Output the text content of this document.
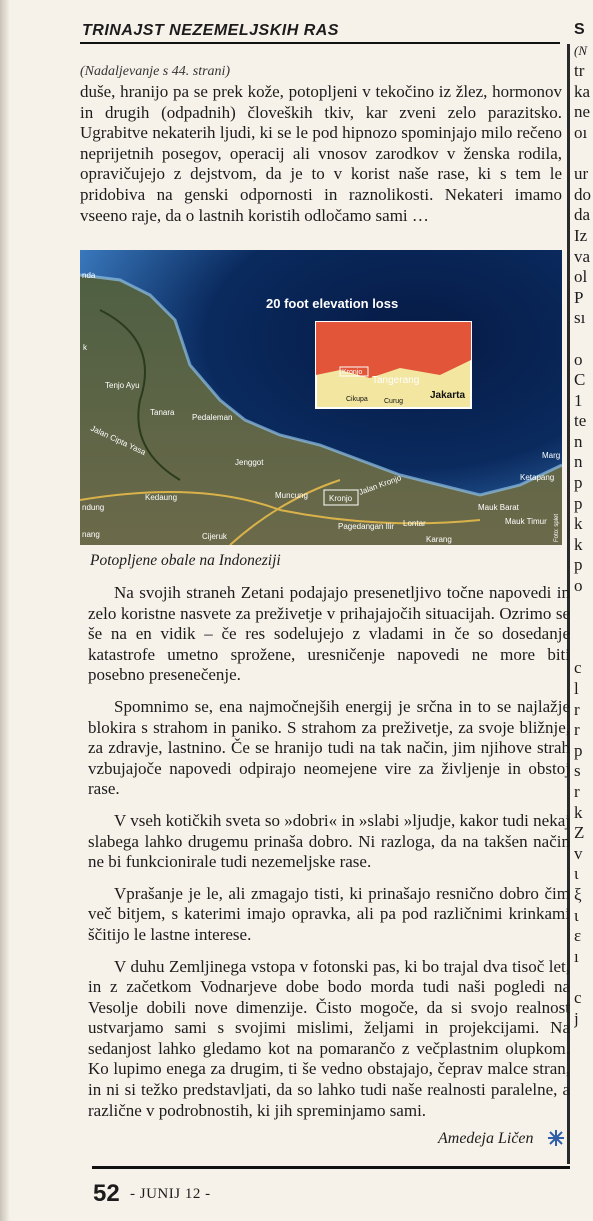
TRINAJST NEZEMELJSKIH RAS
(Nadaljevanje s 44. strani)

duše, hranijo pa se prek kože, potopljeni v tekočino iz žlez, hormonov in drugih (odpadnih) človeških tkiv, kar zveni zelo parazitsko. Ugrabitve nekaterih ljudi, ki se le pod hipnozo spominjajo milo rečeno neprijetnih posegov, operacij ali vnosov zarodkov v ženska rodila, opravičujejo z dejstvom, da je to v korist naše rase, ki s tem le pridobiva na genski odpornosti in raznolikosti. Nekateri imamo vseeno raje, da o lastnih koristih odločamo sami …

20 foot elevation loss
Kronjo
Tangerang
Jakarta
Cikupa Curug
nda
k
Tenjo Ayu
Tanara
Pedaleman
Jenggot
Kedaung	Muncung	Kronjo
Pagedangan Ilir Lontar
Mauk Barat
Mauk Timur
Karang
Cijeruk
Ketapang
Marg
ndung
nang
Jalan Cipta Yasa
Jalan Kronjo
Foto: splet
Potopljene obale na Indoneziji

Na svojih straneh Zetani podajajo presenetljivo točne napovedi in zelo koristne nasvete za preživetje v prihajajočih situacijah. Ozrimo se še na en vidik – če res sodelujejo z vladami in če so dosedanje katastrofe umetno sprožene, uresničenje napovedi ne more biti posebno presenečenje.

Spomnimo se, ena najmočnejših energij je srčna in to se najlažje blokira s strahom in paniko. S strahom za preživetje, za svoje bližnje, za zdravje, lastnino. Če se hranijo tudi na tak način, jim njihove strah vzbujajoče napovedi odpirajo neomejene vire za življenje in obstoj rase.

V vseh kotičkih sveta so »dobri« in »slabi »ljudje, kakor tudi nekaj slabega lahko drugemu prinaša dobro. Ni razloga, da na takšen način ne bi funkcionirale tudi nezemeljske rase.

Vprašanje je le, ali zmagajo tisti, ki prinašajo resnično dobro čim več bitjem, s katerimi imajo opravka, ali pa pod različnimi krinkami ščitijo le lastne interese.

V duhu Zemljinega vstopa v fotonski pas, ki bo trajal dva tisoč let, in z začetkom Vodnarjeve dobe bodo morda tudi naši pogledi na Vesolje dobili nove dimenzije. Čisto mogoče, da si svojo realnost ustvarjamo sami s svojimi mislimi, željami in projekcijami. Na sedanjost lahko gledamo kot na pomarančo z večplastnim olupkom. Ko lupimo enega za drugim, ti še vedno obstajajo, čeprav malce stran, in ni si težko predstavljati, da so lahko tudi naše realnosti paralelne, a različne v podrobnostih, ki jih spreminjamo sami.

Amedeja Ličen
52 - JUNIJ 12 -
S
(N
tr
ka
ne
oı
ur
do
da
Iz
va
ol
P
sı
o
C
1
te
n
n
p
p
k
k
p
o
c
l
r
r
p
s
r
k
Z
v
ι
ξ
ι
ε
ı
c
j
